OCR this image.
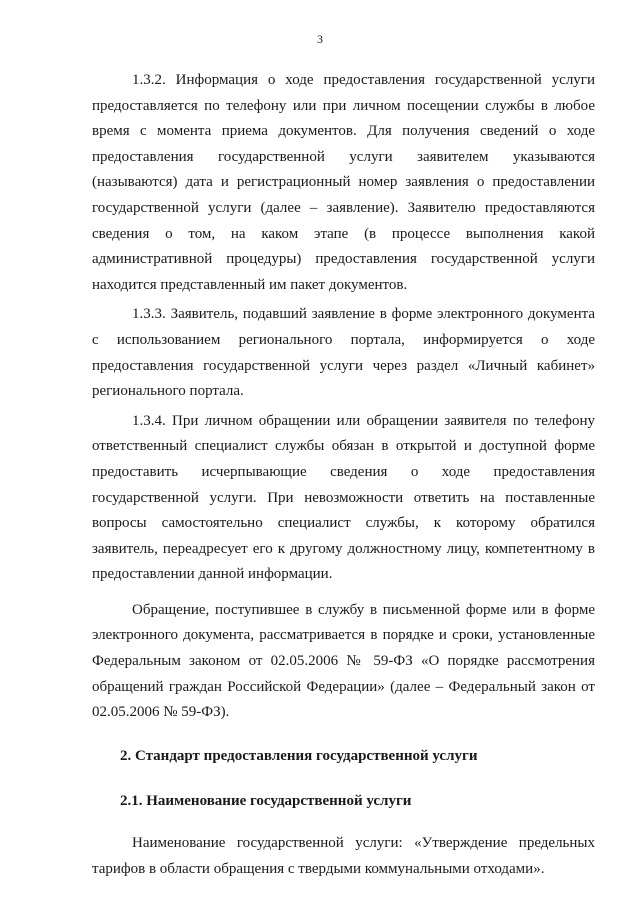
3

1.3.2. Информация о ходе предоставления государственной услуги предоставляется по телефону или при личном посещении службы в любое время с момента приема документов. Для получения сведений о ходе предоставления государственной услуги заявителем указываются (называются) дата и регистрационный номер заявления о предоставлении государственной услуги (далее – заявление). Заявителю предоставляются сведения о том, на каком этапе (в процессе выполнения какой административной процедуры) предоставления государственной услуги находится представленный им пакет документов.

1.3.3. Заявитель, подавший заявление в форме электронного документа с использованием регионального портала, информируется о ходе предоставления государственной услуги через раздел «Личный кабинет» регионального портала.

1.3.4. При личном обращении или обращении заявителя по телефону ответственный специалист службы обязан в открытой и доступной форме предоставить исчерпывающие сведения о ходе предоставления государственной услуги. При невозможности ответить на поставленные вопросы самостоятельно специалист службы, к которому обратился заявитель, переадресует его к другому должностному лицу, компетентному в предоставлении данной информации.

Обращение, поступившее в службу в письменной форме или в форме электронного документа, рассматривается в порядке и сроки, установленные Федеральным законом от 02.05.2006 № 59-ФЗ «О порядке рассмотрения обращений граждан Российской Федерации» (далее – Федеральный закон от 02.05.2006 № 59-ФЗ).

2. Стандарт предоставления государственной услуги

2.1. Наименование государственной услуги

Наименование государственной услуги: «Утверждение предельных тарифов в области обращения с твердыми коммунальными отходами».
